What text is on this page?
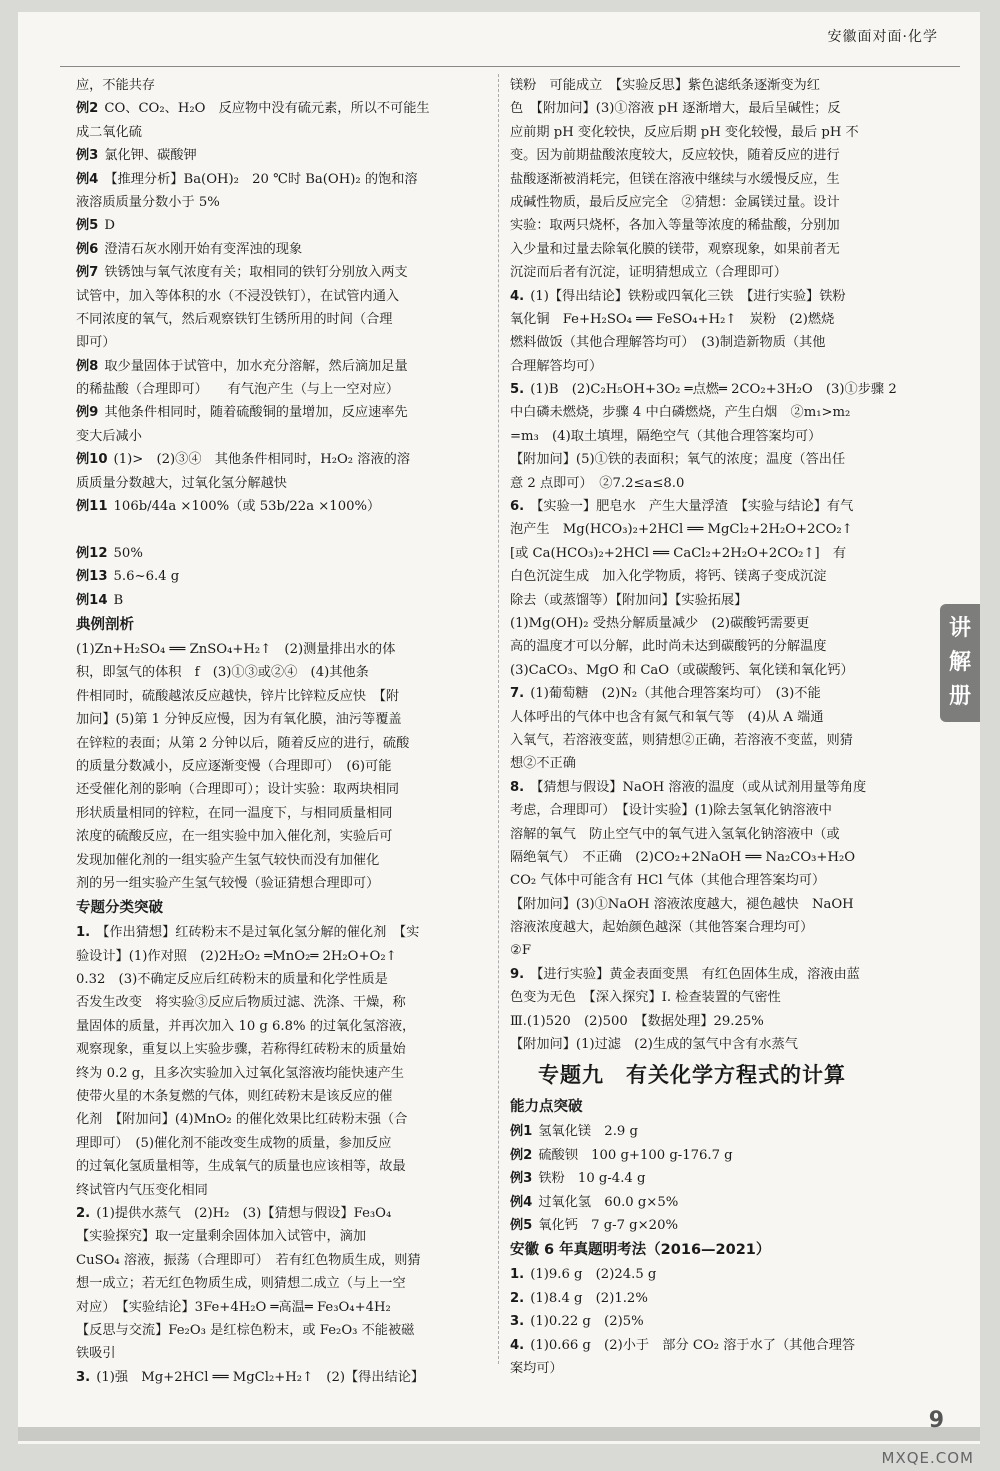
安徽面对面·化学
应，不能共存
例2 CO、CO₂、H₂O　反应物中没有硫元素，所以不可能生
成二氧化硫
例3 氯化钾、碳酸钾
例4 【推理分析】Ba(OH)₂　20 ℃时 Ba(OH)₂ 的饱和溶
液溶质质量分数小于 5%
例5 D
例6 澄清石灰水刚开始有变浑浊的现象
例7 铁锈蚀与氧气浓度有关；取相同的铁钉分别放入两支
试管中，加入等体积的水（不浸没铁钉），在试管内通入
不同浓度的氧气，然后观察铁钉生锈所用的时间（合理
即可）
例8 取少量固体于试管中，加水充分溶解，然后滴加足量
的稀盐酸（合理即可）　　有气泡产生（与上一空对应）
例9 其他条件相同时，随着硫酸铜的量增加，反应速率先
变大后减小
例10 (1)>　(2)③④　其他条件相同时，H₂O₂ 溶液的溶
质质量分数越大，过氧化氢分解越快
例11 106b/44a ×100%（或 53b/22a ×100%）
例12 50%
例13 5.6~6.4 g
例14 B
典例剖析
(1)Zn+H₂SO₄ ══ ZnSO₄+H₂↑　(2)测量排出水的体
积，即氢气的体积　f　(3)①③或②④　(4)其他条
件相同时，硫酸越浓反应越快，锌片比锌粒反应快　【附
加问】(5)第 1 分钟反应慢，因为有氧化膜，油污等覆盖
在锌粒的表面；从第 2 分钟以后，随着反应的进行，硫酸
的质量分数减小，反应逐渐变慢（合理即可）　(6)可能
还受催化剂的影响（合理即可）；设计实验：取两块相同
形状质量相同的锌粒，在同一温度下，与相同质量相同
浓度的硫酸反应，在一组实验中加入催化剂，实验后可
发现加催化剂的一组实验产生氢气较快而没有加催化
剂的另一组实验产生氢气较慢（验证猜想合理即可）
专题分类突破
1. 【作出猜想】红砖粉末不是过氧化氢分解的催化剂　【实
验设计】(1)作对照　(2)2H₂O₂ ═MnO₂═ 2H₂O+O₂↑
0.32　(3)不确定反应后红砖粉末的质量和化学性质是
否发生改变　将实验③反应后物质过滤、洗涤、干燥，称
量固体的质量，并再次加入 10 g 6.8% 的过氧化氢溶液，
观察现象，重复以上实验步骤，若称得红砖粉末的质量始
终为 0.2 g，且多次实验加入过氧化氢溶液均能快速产生
使带火星的木条复燃的气体，则红砖粉末是该反应的催
化剂　【附加问】(4)MnO₂ 的催化效果比红砖粉末强（合
理即可）　(5)催化剂不能改变生成物的质量，参加反应
的过氧化氢质量相等，生成氧气的质量也应该相等，故最
终试管内气压变化相同
2. (1)提供水蒸气　(2)H₂　(3)【猜想与假设】Fe₃O₄
【实验探究】取一定量剩余固体加入试管中，滴加
CuSO₄ 溶液，振荡（合理即可）　若有红色物质生成，则猜
想一成立；若无红色物质生成，则猜想二成立（与上一空
对应）　【实验结论】3Fe+4H₂O ═高温═ Fe₃O₄+4H₂
【反思与交流】Fe₂O₃ 是红棕色粉末，或 Fe₂O₃ 不能被磁
铁吸引
3. (1)强　Mg+2HCl ══ MgCl₂+H₂↑　(2)【得出结论】
镁粉　可能成立　【实验反思】紫色滤纸条逐渐变为红
色　【附加问】(3)①溶液 pH 逐渐增大，最后呈碱性；反
应前期 pH 变化较快，反应后期 pH 变化较慢，最后 pH 不
变。因为前期盐酸浓度较大，反应较快，随着反应的进行
盐酸逐渐被消耗完，但镁在溶液中继续与水缓慢反应，生
成碱性物质，最后反应完全　②猜想：金属镁过量。设计
实验：取两只烧杯，各加入等量等浓度的稀盐酸，分别加
入少量和过量去除氧化膜的镁带，观察现象，如果前者无
沉淀而后者有沉淀，证明猜想成立（合理即可）
4. (1)【得出结论】铁粉或四氧化三铁　【进行实验】铁粉
氧化铜　Fe+H₂SO₄ ══ FeSO₄+H₂↑　炭粉　(2)燃烧
燃料做饭（其他合理解答均可）　(3)制造新物质（其他
合理解答均可）
5. (1)B　(2)C₂H₅OH+3O₂ ═点燃═ 2CO₂+3H₂O　(3)①步骤 2
中白磷未燃烧，步骤 4 中白磷燃烧，产生白烟　②m₁>m₂
=m₃　(4)取土填埋，隔绝空气（其他合理答案均可）
【附加问】(5)①铁的表面积；氧气的浓度；温度（答出任
意 2 点即可）　②7.2≤a≤8.0
6. 【实验一】肥皂水　产生大量浮渣　【实验与结论】有气
泡产生　Mg(HCO₃)₂+2HCl ══ MgCl₂+2H₂O+2CO₂↑
[或 Ca(HCO₃)₂+2HCl ══ CaCl₂+2H₂O+2CO₂↑]　有
白色沉淀生成　加入化学物质，将钙、镁离子变成沉淀
除去（或蒸馏等）【附加问】【实验拓展】
(1)Mg(OH)₂ 受热分解质量减少　(2)碳酸钙需要更
高的温度才可以分解，此时尚未达到碳酸钙的分解温度
(3)CaCO₃、MgO 和 CaO（或碳酸钙、氧化镁和氧化钙）
7. (1)葡萄糖　(2)N₂（其他合理答案均可）　(3)不能
人体呼出的气体中也含有氮气和氧气等　(4)从 A 端通
入氧气，若溶液变蓝，则猜想②正确，若溶液不变蓝，则猜
想②不正确
8. 【猜想与假设】NaOH 溶液的温度（或从试剂用量等角度
考虑，合理即可）　【设计实验】(1)除去氢氧化钠溶液中
溶解的氧气　防止空气中的氧气进入氢氧化钠溶液中（或
隔绝氧气）　不正确　(2)CO₂+2NaOH ══ Na₂CO₃+H₂O
CO₂ 气体中可能含有 HCl 气体（其他合理答案均可）
【附加问】(3)①NaOH 溶液浓度越大，褪色越快　NaOH
溶液浓度越大，起始颜色越深（其他答案合理均可）
②F
9. 【进行实验】黄金表面变黑　有红色固体生成，溶液由蓝
色变为无色　【深入探究】Ⅰ. 检查装置的气密性
Ⅲ.(1)520　(2)500　【数据处理】29.25%
【附加问】(1)过滤　(2)生成的氢气中含有水蒸气
专题九　有关化学方程式的计算
能力点突破
例1 氢氧化镁　2.9 g
例2 硫酸钡　100 g+100 g-176.7 g
例3 铁粉　10 g-4.4 g
例4 过氧化氢　60.0 g×5%
例5 氧化钙　7 g-7 g×20%
安徽 6 年真题明考法（2016—2021）
1. (1)9.6 g　(2)24.5 g
2. (1)8.4 g　(2)1.2%
3. (1)0.22 g　(2)5%
4. (1)0.66 g　(2)小于　部分 CO₂ 溶于水了（其他合理答
案均可）
讲解册
9
MXQE.COM
